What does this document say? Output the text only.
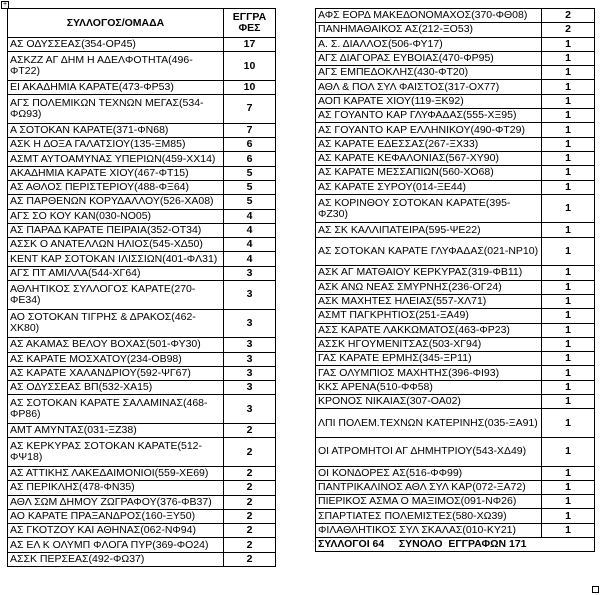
+
ΣΥΛΛΟΓΟΣ/ΟΜΑΔΑ	ΕΓΓΡΑ ΦΕΣ
ΑΣ ΟΔΥΣΣΕΑΣ(354-ΟΡ45)	17
ΑΣΚΖΖ ΑΓ ΔΗΜ Η ΑΔΕΛΦΟΤΗΤΑ(496-ΦΤ22)	10
ΕΙ ΑΚΑΔΗΜΙΑ ΚΑΡΑΤΕ(473-ΦΡ53)	10
ΑΓΣ ΠΟΛΕΜΙΚΩΝ ΤΕΧΝΩΝ ΜΕΓΑΣ(534-ΦΩ93)	7
Α ΣΟΤΟΚΑΝ ΚΑΡΑΤΕ(371-ΦΝ68)	7
ΑΣΚ Η ΔΟΞΑ ΓΑΛΑΤΣΙΟΥ(135-ΞΜ85)	6
ΑΣΜΤ ΑΥΤΟΑΜΥΝΑΣ ΥΠΕΡΙΩΝ(459-ΧΧ14)	6
ΑΚΑΔΗΜΙΑ ΚΑΡΑΤΕ ΧΙΟΥ(467-ΦΤ15)	5
ΑΣ ΑΘΛΟΣ ΠΕΡΙΣΤΕΡΙΟΥ(488-ΦΞ64)	5
ΑΣ ΠΑΡΘΕΝΩΝ ΚΟΡΥΔΑΛΛΟΥ(526-ΧΑ08)	5
ΑΓΣ ΣΟ ΚΟΥ ΚΑΝ(030-ΝΟ05)	4
ΑΣ ΠΑΡΑΔ ΚΑΡΑΤΕ ΠΕΙΡΑΙΑ(352-ΟΤ34)	4
ΑΣΣΚ Ο ΑΝΑΤΕΛΛΩΝ ΗΛΙΟΣ(545-ΧΔ50)	4
ΚΕΝΤ ΚΑΡ ΣΟΤΟΚΑΝ ΙΛΙΣΣΙΩΝ(401-ΦΛ31)	4
ΑΓΣ ΠΤ ΑΜΙΛΛΑ(544-ΧΓ64)	3
ΑΘΛΗΤΙΚΟΣ ΣΥΛΛΟΓΟΣ ΚΑΡΑΤΕ(270-ΦΕ34)	3
ΑΟ ΣΟΤΟΚΑΝ ΤΙΓΡΗΣ & ΔΡΑΚΟΣ(462-ΧΚ80)	3
ΑΣ ΑΚΑΜΑΣ ΒΕΛΟΥ ΒΟΧΑΣ(501-ΦΥ30)	3
ΑΣ ΚΑΡΑΤΕ ΜΟΣΧΑΤΟΥ(234-ΟΒ98)	3
ΑΣ ΚΑΡΑΤΕ ΧΑΛΑΝΔΡΙΟΥ(592-ΨΓ67)	3
ΑΣ ΟΔΥΣΣΕΑΣ ΒΠ(532-ΧΑ15)	3
ΑΣ ΣΟΤΟΚΑΝ ΚΑΡΑΤΕ ΣΑΛΑΜΙΝΑΣ(468-ΦΡ86)	3
ΑΜΤ ΑΜΥΝΤΑΣ(031-ΞΖ38)	2
ΑΣ ΚΕΡΚΥΡΑΣ ΣΟΤΟΚΑΝ ΚΑΡΑΤΕ(512-ΦΨ18)	2
ΑΣ ΑΤΤΙΚΗΣ ΛΑΚΕΔΑΙΜΟΝΙΟΙ(559-ΧΕ69)	2
ΑΣ ΠΕΡΙΚΛΗΣ(478-ΦΝ35)	2
ΑΘΛ ΣΩΜ ΔΗΜΟΥ ΖΩΓΡΑΦΟΥ(376-ΦΒ37)	2
ΑΟ ΚΑΡΑΤΕ ΠΡΑΞΑΝΔΡΟΣ(160-ΞΥ50)	2
ΑΣ ΓΚΟΤΖΟΥ ΚΑΙ ΑΘΗΝΑΣ(062-ΝΦ94)	2
ΑΣ ΕΛ Κ ΟΛΥΜΠ ΦΛΟΓΑ ΠΥΡ(369-ΦΟ24)	2
ΑΣΣΚ ΠΕΡΣΕΑΣ(492-ΦΩ37)	2
ΑΦΣ ΕΟΡΔ ΜΑΚΕΔΟΝΟΜΑΧΟΣ(370-ΦΘ08)	2
ΠΑΝΗΜΑΘΑΙΚΟΣ ΑΣ(212-ΞΟ53)	2
Α. Σ. ΔΙΑΛΛΟΣ(506-ΦΥ17)	1
ΑΓΣ ΔΙΑΓΟΡΑΣ ΕΥΒΟΙΑΣ(470-ΦΡ95)	1
ΑΓΣ ΕΜΠΕΔΟΚΛΗΣ(430-ΦΤ20)	1
ΑΘΛ & ΠΟΛ ΣΥΛ ΦΑΙΣΤΟΣ(317-ΟΧ77)	1
ΑΟΠ ΚΑΡΑΤΕ ΧΙΟΥ(119-ΞΚ92)	1
ΑΣ ΓΟΥΑΝΤΟ ΚΑΡ ΓΛΥΦΑΔΑΣ(555-ΧΞ95)	1
ΑΣ ΓΟΥΑΝΤΟ ΚΑΡ ΕΛΛΗΝΙΚΟΥ(490-ΦΤ29)	1
ΑΣ ΚΑΡΑΤΕ ΕΔΕΣΣΑΣ(267-ΞΧ33)	1
ΑΣ ΚΑΡΑΤΕ ΚΕΦΑΛΟΝΙΑΣ(567-ΧΥ90)	1
ΑΣ ΚΑΡΑΤΕ ΜΕΣΣΑΠΙΩΝ(560-ΧΟ68)	1
ΑΣ ΚΑΡΑΤΕ ΣΥΡΟΥ(014-ΞΕ44)	1
ΑΣ ΚΟΡΙΝΘΟΥ ΣΟΤΟΚΑΝ ΚΑΡΑΤΕ(395-ΦΖ30)	1
ΑΣ ΣΚ ΚΑΛΛΙΠΑΤΕΙΡΑ(595-ΨΕ22)	1
ΑΣ ΣΟΤΟΚΑΝ ΚΑΡΑΤΕ ΓΛΥΦΑΔΑΣ(021-ΝΡ10)	1
ΑΣΚ ΑΓ ΜΑΤΘΑΙΟΥ ΚΕΡΚΥΡΑΣ(319-ΦΒ11)	1
ΑΣΚ ΑΝΩ ΝΕΑΣ ΣΜΥΡΝΗΣ(236-ΟΓ24)	1
ΑΣΚ ΜΑΧΗΤΕΣ ΗΛΕΙΑΣ(557-ΧΛ71)	1
ΑΣΜΤ ΠΑΓΚΡΗΤΙΟΣ(251-ΞΑ49)	1
ΑΣΣ ΚΑΡΑΤΕ ΛΑΚΚΩΜΑΤΟΣ(463-ΦΡ23)	1
ΑΣΣΚ ΗΓΟΥΜΕΝΙΤΣΑΣ(503-ΧΓ94)	1
ΓΑΣ ΚΑΡΑΤΕ ΕΡΜΗΣ(345-ΞΡ11)	1
ΓΑΣ ΟΛΥΜΠΙΟΣ ΜΑΧΗΤΗΣ(396-ΦΙ93)	1
ΚΚΣ ΑΡΕΝΑ(510-ΦΦ58)	1
ΚΡΟΝΟΣ ΝΙΚΑΙΑΣ(307-ΟΑ02)	1
ΛΠΙ ΠΟΛΕΜ.ΤΕΧΝΩΝ ΚΑΤΕΡΙΝΗΣ(035-ΞΑ91)	1
ΟΙ ΑΤΡΟΜΗΤΟΙ ΑΓ ΔΗΜΗΤΡΙΟΥ(543-ΧΔ49)	1
ΟΙ ΚΟΝΔΟΡΕΣ ΑΣ(516-ΦΦ99)	1
ΠΑΝΤΡΙΚΑΛΙΝΟΣ ΑΘΛ ΣΥΛ ΚΑΡ(072-ΞΑ72)	1
ΠΙΕΡΙΚΟΣ ΑΣΜΑ Ο ΜΑΞΙΜΟΣ(091-ΝΦ26)	1
ΣΠΑΡΤΙΑΤΕΣ ΠΟΛΕΜΙΣΤΕΣ(580-ΧΩ39)	1
ΦΙΛΑΘΛΗΤΙΚΟΣ ΣΥΛ ΣΚΑΛΑΣ(010-ΚΥ21)	1
ΣΥΛΛΟΓΟΙ 64     ΣΥΝΟΛΟ  ΕΓΓΡΑΦΩΝ 171	
